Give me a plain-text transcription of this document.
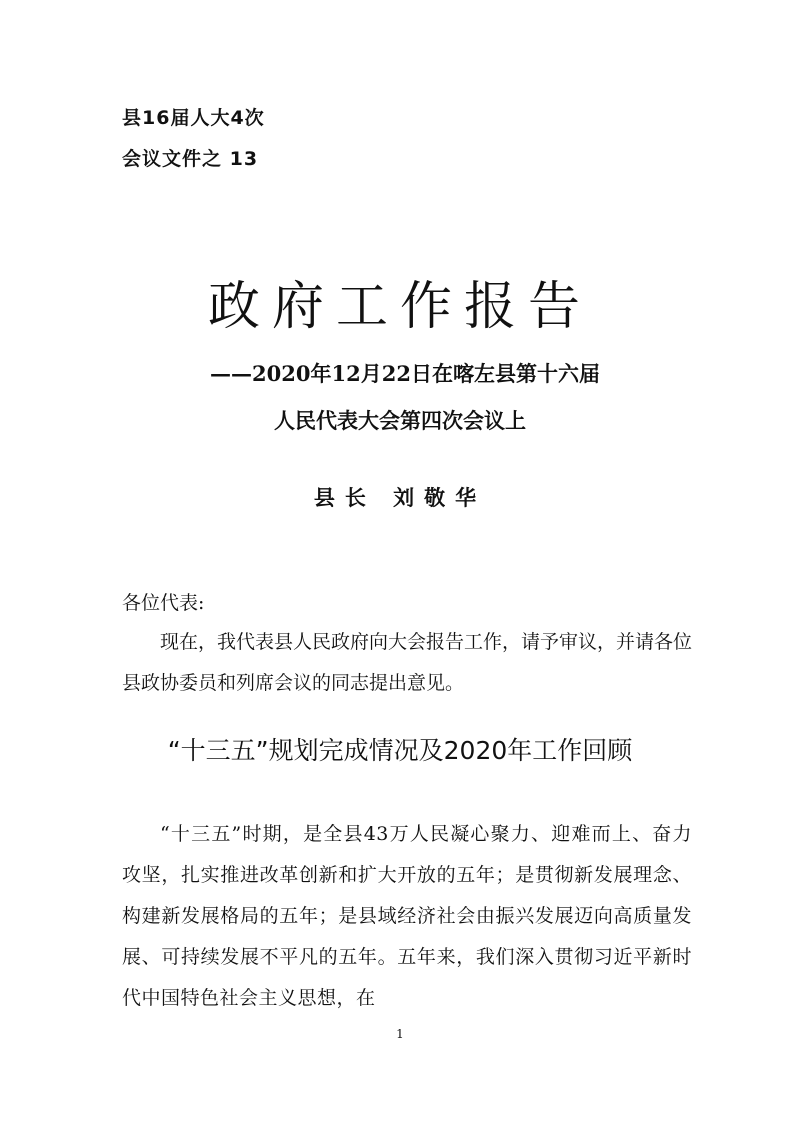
县16届人大4次
会议文件之 13
政府工作报告
——2020年12月22日在喀左县第十六届
人民代表大会第四次会议上
县长 刘敬华
各位代表:

现在，我代表县人民政府向大会报告工作，请予审议，并请各位县政协委员和列席会议的同志提出意见。

“十三五”规划完成情况及2020年工作回顾

“十三五”时期，是全县43万人民凝心聚力、迎难而上、奋力攻坚，扎实推进改革创新和扩大开放的五年；是贯彻新发展理念、构建新发展格局的五年；是县域经济社会由振兴发展迈向高质量发展、可持续发展不平凡的五年。五年来，我们深入贯彻习近平新时代中国特色社会主义思想，在

1
